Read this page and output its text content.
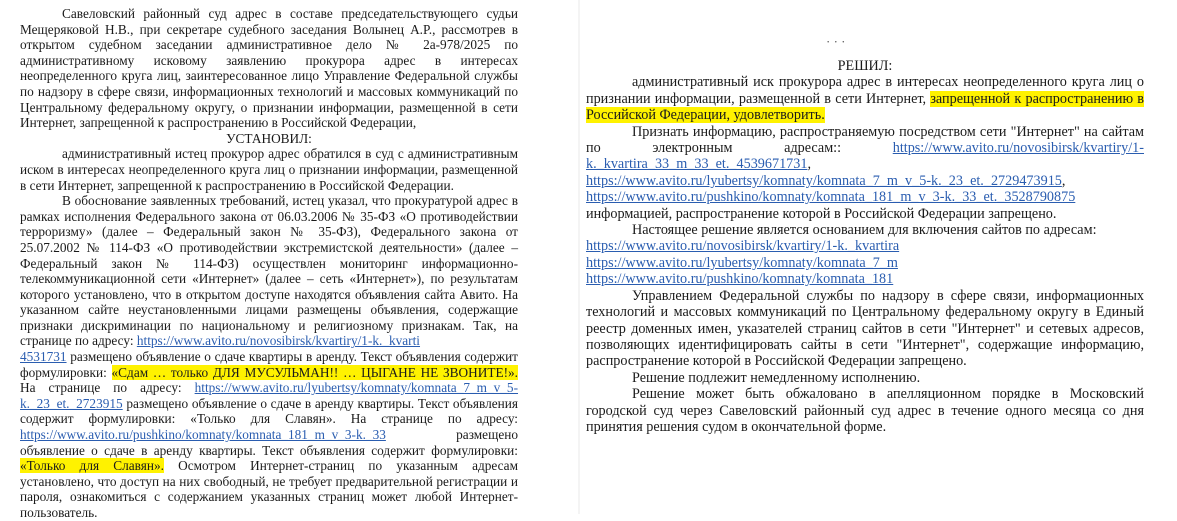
Савеловский районный суд адрес в составе председательствующего судьи Мещеряковой Н.В., при секретаре судебного заседания Волынец А.Р., рассмотрев в открытом судебном заседании административное дело № 2а-978/2025 по административному исковому заявлению прокурора адрес в интересах неопределенного круга лиц, заинтересованное лицо Управление Федеральной службы по надзору в сфере связи, информационных технологий и массовых коммуникаций по Центральному федеральному округу, о признании информации, размещенной в сети Интернет, запрещенной к распространению в Российской Федерации,

УСТАНОВИЛ:

административный истец прокурор адрес обратился в суд с административным иском в интересах неопределенного круга лиц о признании информации, размещенной в сети Интернет, запрещенной к распространению в Российской Федерации.

В обоснование заявленных требований, истец указал, что прокуратурой адрес в рамках исполнения Федерального закона от 06.03.2006 № 35-ФЗ «О противодействии терроризму» (далее – Федеральный закон № 35-ФЗ), Федерального закона от 25.07.2002 № 114-ФЗ «О противодействии экстремистской деятельности» (далее – Федеральный закон № 114-ФЗ) осуществлен мониторинг информационно-телекоммуникационной сети «Интернет» (далее – сеть «Интернет»), по результатам которого установлено, что в открытом доступе находятся объявления сайта Авито. На указанном сайте неустановленными лицами размещены объявления, содержащие признаки дискриминации по национальному и религиозному признакам. Так, на странице по адресу: https://www.avito.ru/novosibirsk/kvartiry/1-k._kvarti
4531731 размещено объявление о сдаче квартиры в аренду. Текст объявления содержит формулировки: «Сдам … только ДЛЯ МУСУЛЬМАН!! … ЦЫГАНЕ НЕ ЗВОНИТЕ!». На странице по адресу: https://www.avito.ru/lyubertsy/komnaty/komnata_7_m_v_5-k._23_et._2723915 размещено объявление о сдаче в аренду квартиры. Текст объявления содержит формулировки: «Только для Славян». На странице по адресу: https://www.avito.ru/pushkino/komnaty/komnata_181_m_v_3-k._33	размещено объявление о сдаче в аренду квартиры. Текст объявления содержит формулировки: «Только для Славян». Осмотром Интернет-страниц по указанным адресам установлено, что доступ на них свободный, не требует предварительной регистрации и пароля, ознакомиться с содержанием указанных страниц может любой Интернет-пользователь.

· · ·

РЕШИЛ:

административный иск прокурора адрес в интересах неопределенного круга лиц о признании информации, размещенной в сети Интернет, запрещенной к распространению в Российской Федерации, удовлетворить.

Признать информацию, распространяемую посредством сети "Интернет" на сайтам по электронным адресам::	https://www.avito.ru/novosibirsk/kvartiry/1-k._kvartira_33_m_33_et._4539671731, https://www.avito.ru/lyubertsy/komnaty/komnata_7_m_v_5-k._23_et._2729473915, https://www.avito.ru/pushkino/komnaty/komnata_181_m_v_3-k._33_et._3528790875 информацией, распространение которой в Российской Федерации запрещено.

Настоящее решение является основанием для включения сайтов по адресам:
https://www.avito.ru/novosibirsk/kvartiry/1-k._kvartira
https://www.avito.ru/lyubertsy/komnaty/komnata_7_m
https://www.avito.ru/pushkino/komnaty/komnata_181

Управлением Федеральной службы по надзору в сфере связи, информационных технологий и массовых коммуникаций по Центральному федеральному округу в Единый реестр доменных имен, указателей страниц сайтов в сети "Интернет" и сетевых адресов, позволяющих идентифицировать сайты в сети "Интернет", содержащие информацию, распространение которой в Российской Федерации запрещено.

Решение подлежит немедленному исполнению.

Решение может быть обжаловано в апелляционном порядке в Московский городской суд через Савеловский районный суд адрес в течение одного месяца со дня принятия решения судом в окончательной форме.
